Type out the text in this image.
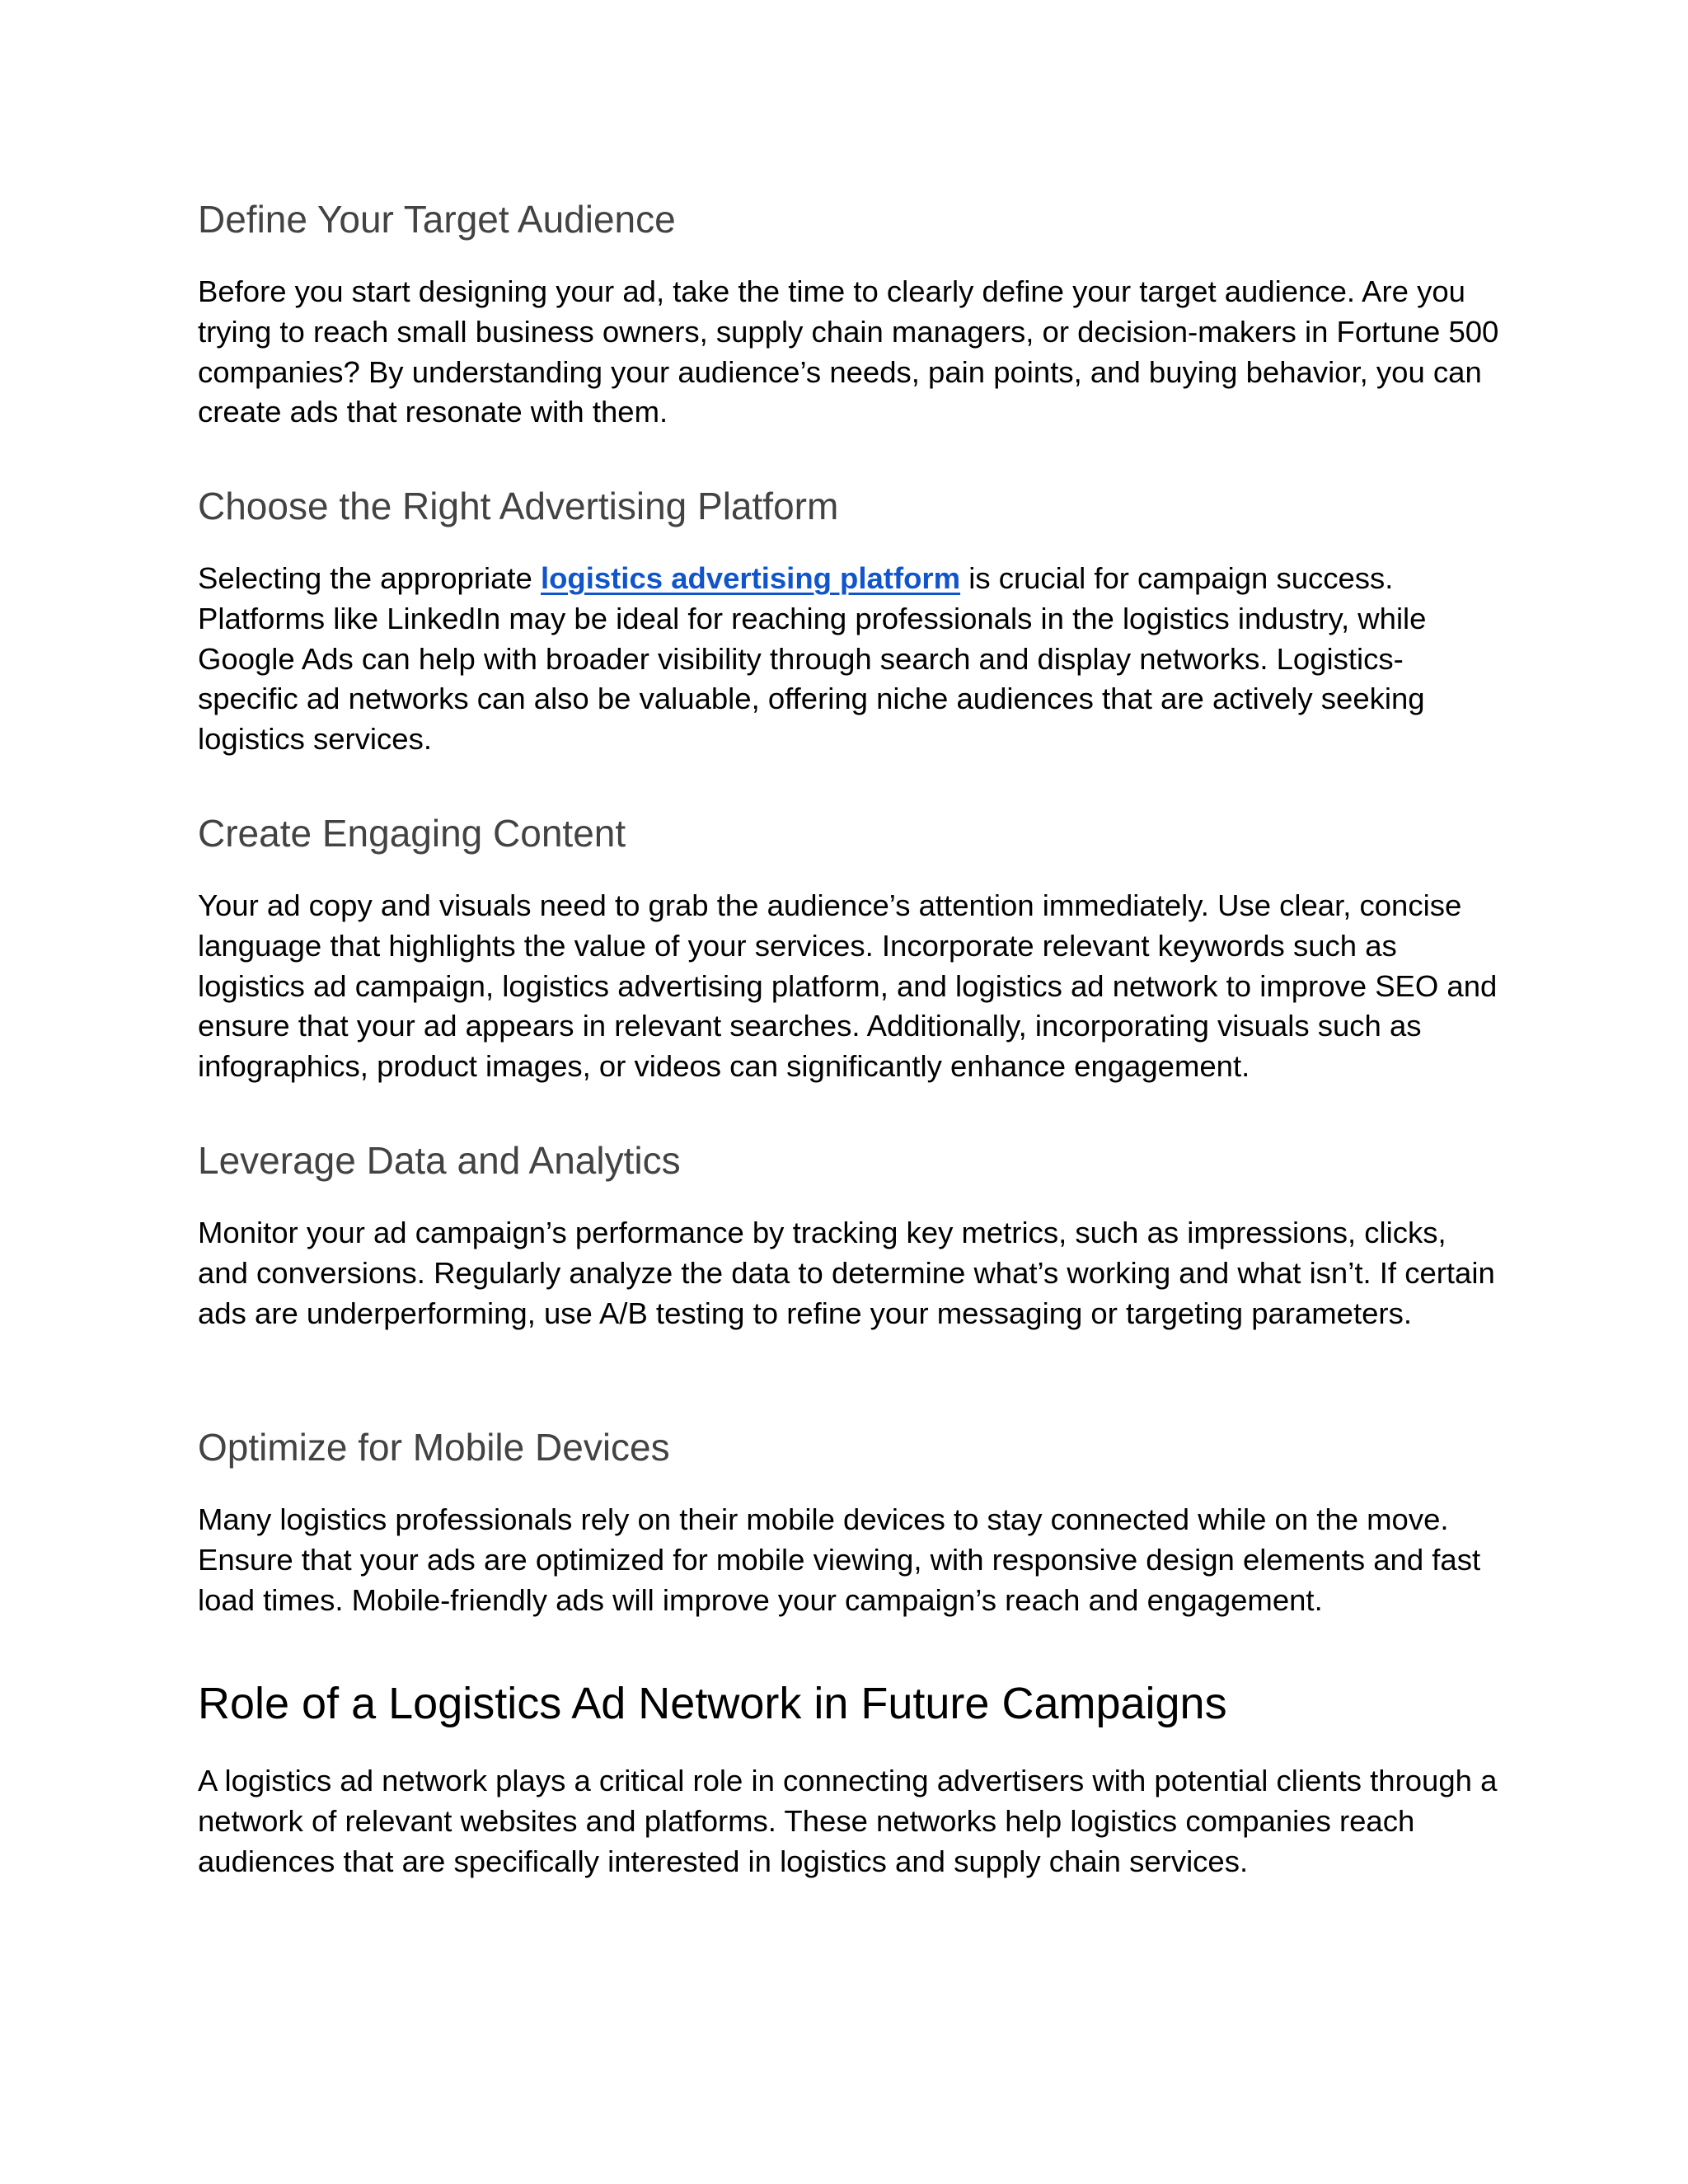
Define Your Target Audience

Before you start designing your ad, take the time to clearly define your target audience. Are you trying to reach small business owners, supply chain managers, or decision-makers in Fortune 500 companies? By understanding your audience’s needs, pain points, and buying behavior, you can create ads that resonate with them.

Choose the Right Advertising Platform

Selecting the appropriate logistics advertising platform is crucial for campaign success. Platforms like LinkedIn may be ideal for reaching professionals in the logistics industry, while Google Ads can help with broader visibility through search and display networks. Logistics-specific ad networks can also be valuable, offering niche audiences that are actively seeking logistics services.

Create Engaging Content

Your ad copy and visuals need to grab the audience’s attention immediately. Use clear, concise language that highlights the value of your services. Incorporate relevant keywords such as logistics ad campaign, logistics advertising platform, and logistics ad network to improve SEO and ensure that your ad appears in relevant searches. Additionally, incorporating visuals such as infographics, product images, or videos can significantly enhance engagement.

Leverage Data and Analytics

Monitor your ad campaign’s performance by tracking key metrics, such as impressions, clicks, and conversions. Regularly analyze the data to determine what’s working and what isn’t. If certain ads are underperforming, use A/B testing to refine your messaging or targeting parameters.

Optimize for Mobile Devices

Many logistics professionals rely on their mobile devices to stay connected while on the move. Ensure that your ads are optimized for mobile viewing, with responsive design elements and fast load times. Mobile-friendly ads will improve your campaign’s reach and engagement.

Role of a Logistics Ad Network in Future Campaigns

A logistics ad network plays a critical role in connecting advertisers with potential clients through a network of relevant websites and platforms. These networks help logistics companies reach audiences that are specifically interested in logistics and supply chain services.
